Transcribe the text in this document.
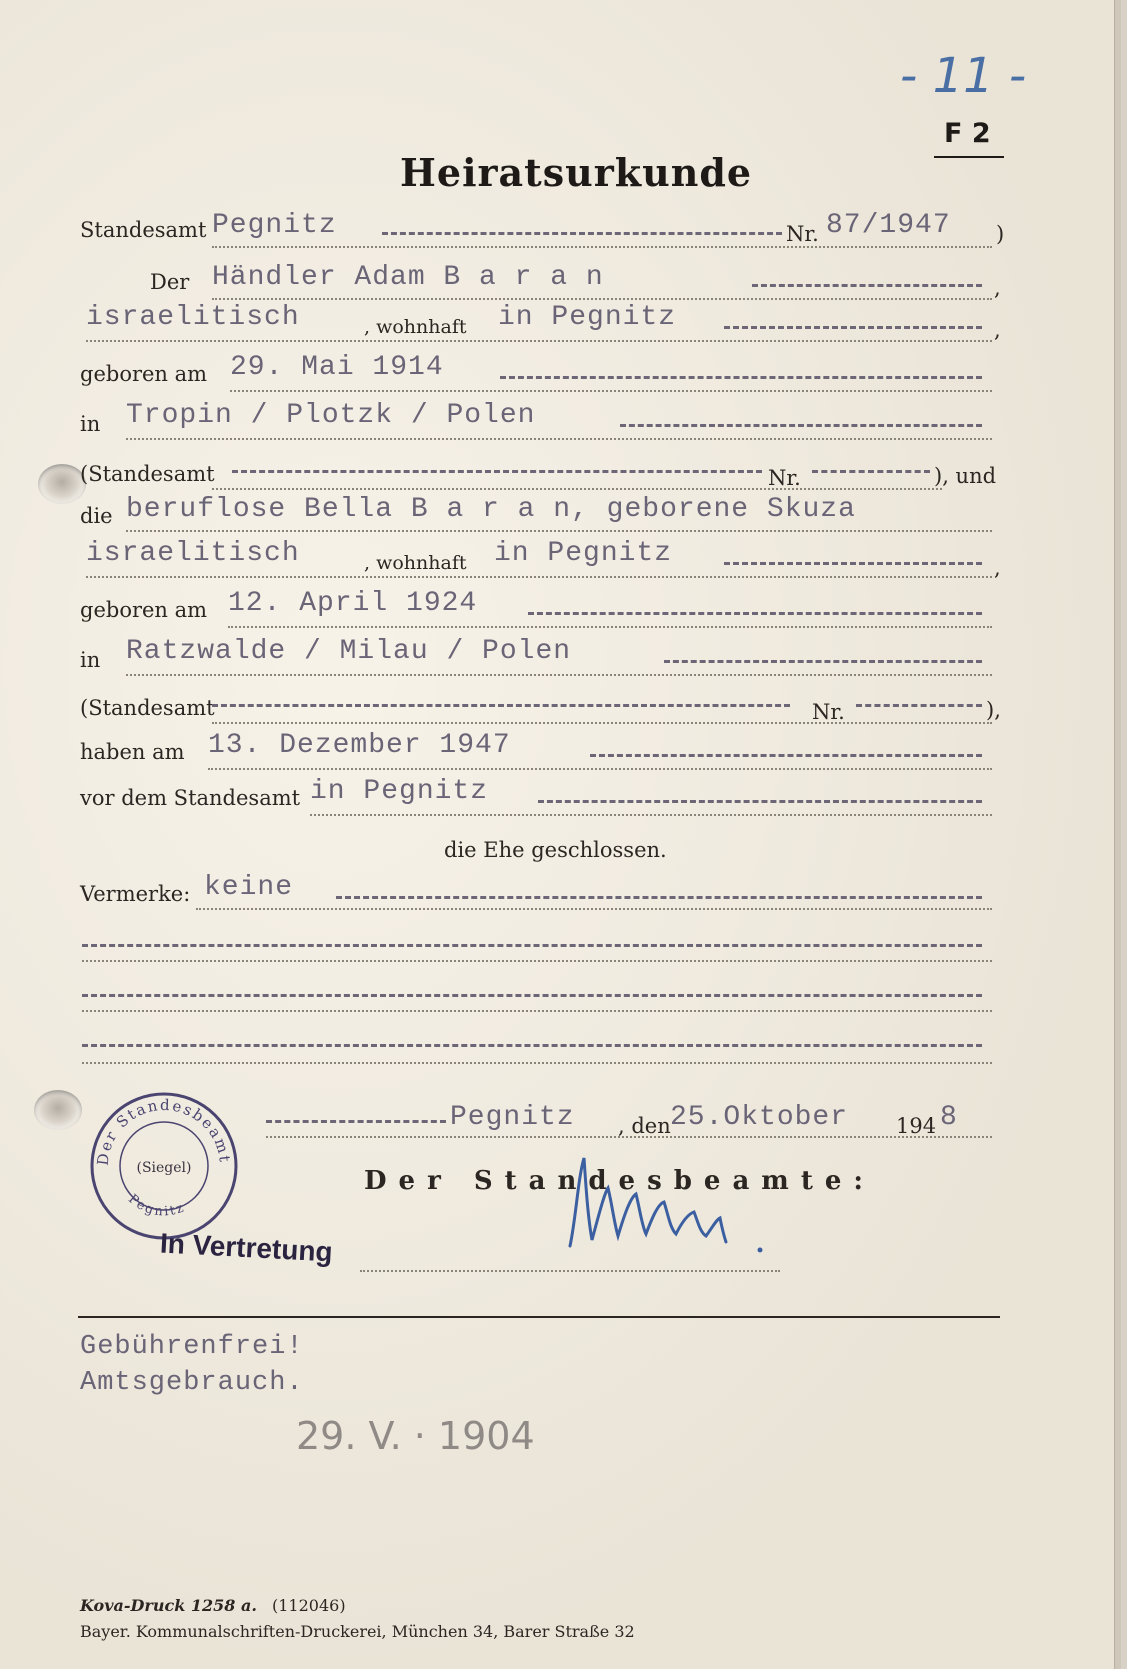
- 11 -
F 2
Heiratsurkunde
Standesamt Pegnitz	Nr. 87/1947 )
Der Händler Adam B a r a n	,
israelitisch	, wohnhaft in Pegnitz	,
geboren am 29. Mai 1914
in Tropin / Plotzk / Polen
(Standesamt	Nr.	), und
die beruflose Bella B a r a n, geborene Skuza
israelitisch	, wohnhaft in Pegnitz	,
geboren am 12. April 1924
in Ratzwalde / Milau / Polen
(Standesamt	Nr.	),
haben am 13. Dezember 1947
vor dem Standesamt in Pegnitz
die Ehe geschlossen.
Vermerke: keine
Pegnitz , den 25.Oktober 194 8
Der Standesbeamte:
Der Standesbeamt
(Siegel)
Pegnitz
In Vertretung
Gebührenfrei!
Amtsgebrauch.
29. V. · 1904
Kova-Druck 1258 a. (112046)
Bayer. Kommunalschriften-Druckerei, München 34, Barer Straße 32
